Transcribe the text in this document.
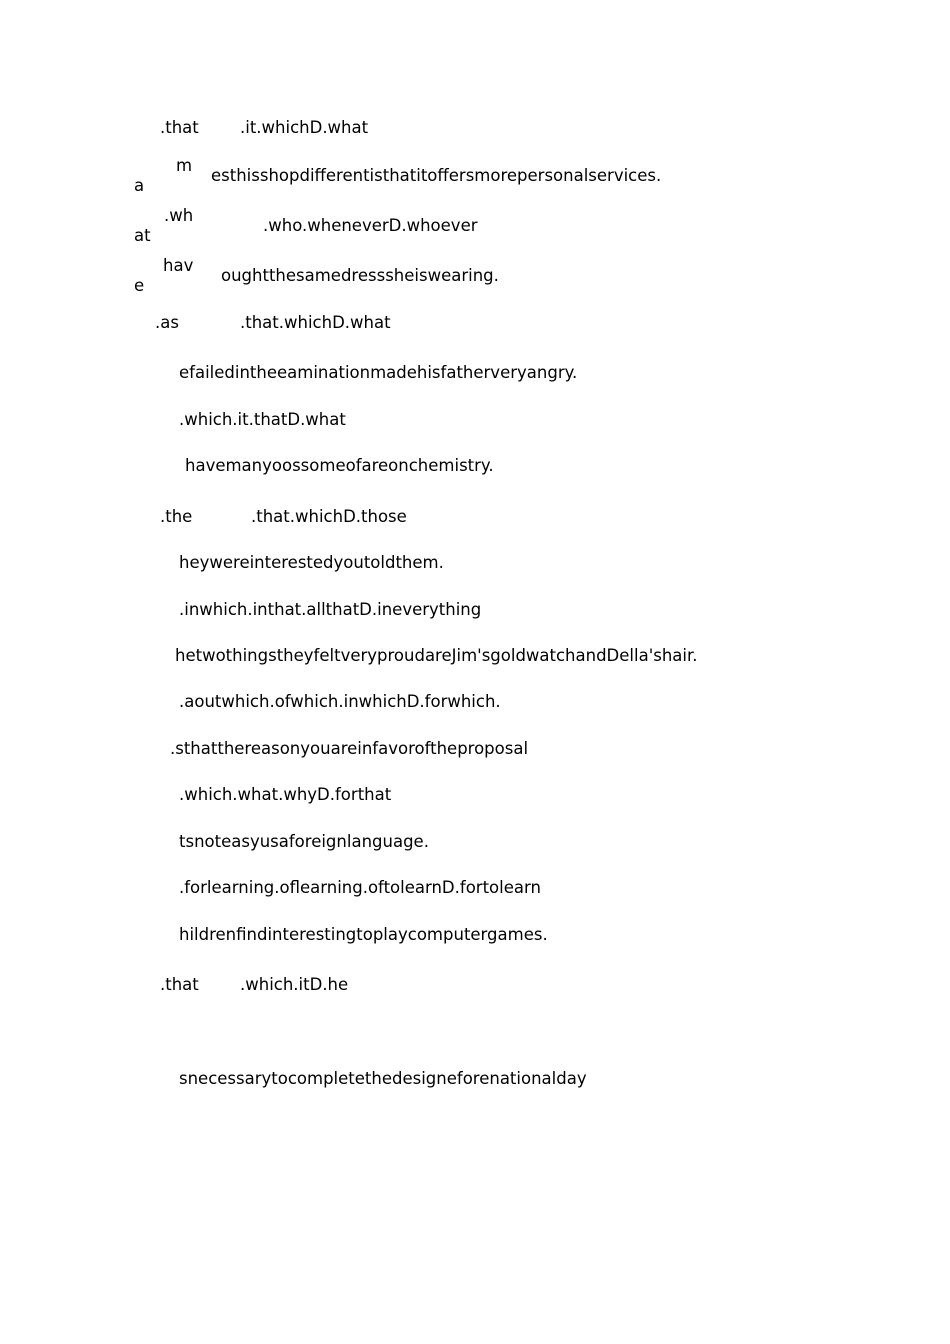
.that .it.whichD.what
m
a
esthisshopdifferentisthatitoffersmorepersonalservices.
.wh
at
.who.wheneverD.whoever
hav
e
oughtthesamedresssheiswearing.
.as	.that.whichD.what
efailedintheeaminationmadehisfatherveryangry.
.which.it.thatD.what
havemanyoossomeofareonchemistry.
.the	.that.whichD.those
heywereinterestedyoutoldthem.
.inwhich.inthat.allthatD.ineverything
hetwothingstheyfeltveryproudareJim'sgoldwatchandDella'shair.
.aoutwhich.ofwhich.inwhichD.forwhich.
.sthatthereasonyouareinfavoroftheproposal
.which.what.whyD.forthat
tsnoteasyusaforeignlanguage.
.forlearning.oflearning.oftolearnD.fortolearn
hildrenfindinterestingtoplaycomputergames.
.that .which.itD.he
snecessarytocompletethedesigneforenationalday
